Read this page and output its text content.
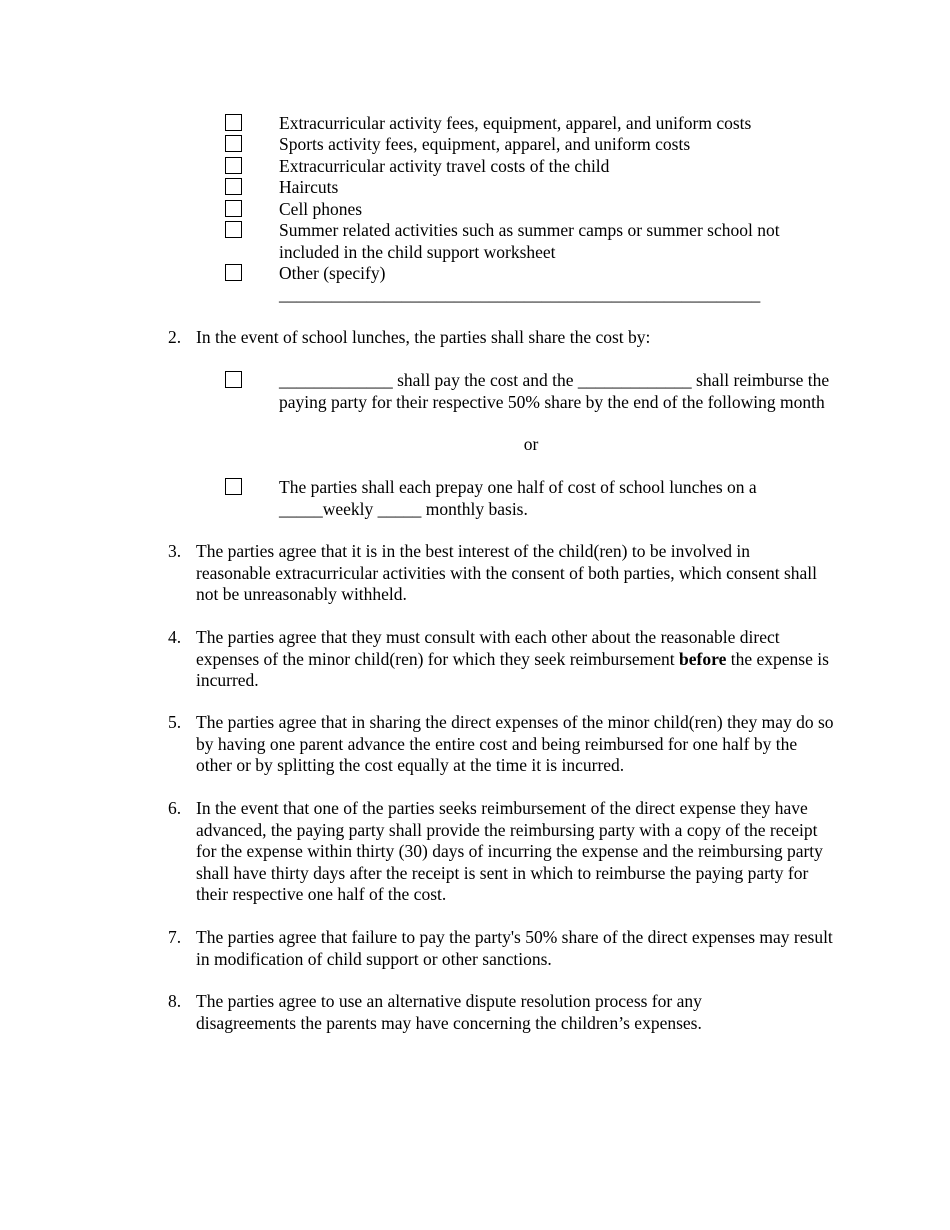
Extracurricular activity fees, equipment, apparel, and uniform costs
Sports activity fees, equipment, apparel, and uniform costs
Extracurricular activity travel costs of the child
Haircuts
Cell phones
Summer related activities such as summer camps or summer school not included in the child support worksheet
Other (specify)
_______________________________________________________
2. In the event of school lunches, the parties shall share the cost by:
_____________ shall pay the cost and the _____________ shall reimburse the paying party for their respective 50% share by the end of the following month
or
The parties shall each prepay one half of cost of school lunches on a _____weekly _____ monthly basis.
3. The parties agree that it is in the best interest of the child(ren) to be involved in reasonable extracurricular activities with the consent of both parties, which consent shall not be unreasonably withheld.
4. The parties agree that they must consult with each other about the reasonable direct expenses of the minor child(ren) for which they seek reimbursement before the expense is incurred.
5. The parties agree that in sharing the direct expenses of the minor child(ren) they may do so by having one parent advance the entire cost and being reimbursed for one half by the other or by splitting the cost equally at the time it is incurred.
6. In the event that one of the parties seeks reimbursement of the direct expense they have advanced, the paying party shall provide the reimbursing party with a copy of the receipt for the expense within thirty (30) days of incurring the expense and the reimbursing party shall have thirty days after the receipt is sent in which to reimburse the paying party for their respective one half of the cost.
7. The parties agree that failure to pay the party's 50% share of the direct expenses may result in modification of child support or other sanctions.
8. The parties agree to use an alternative dispute resolution process for any disagreements the parents may have concerning the children’s expenses.
